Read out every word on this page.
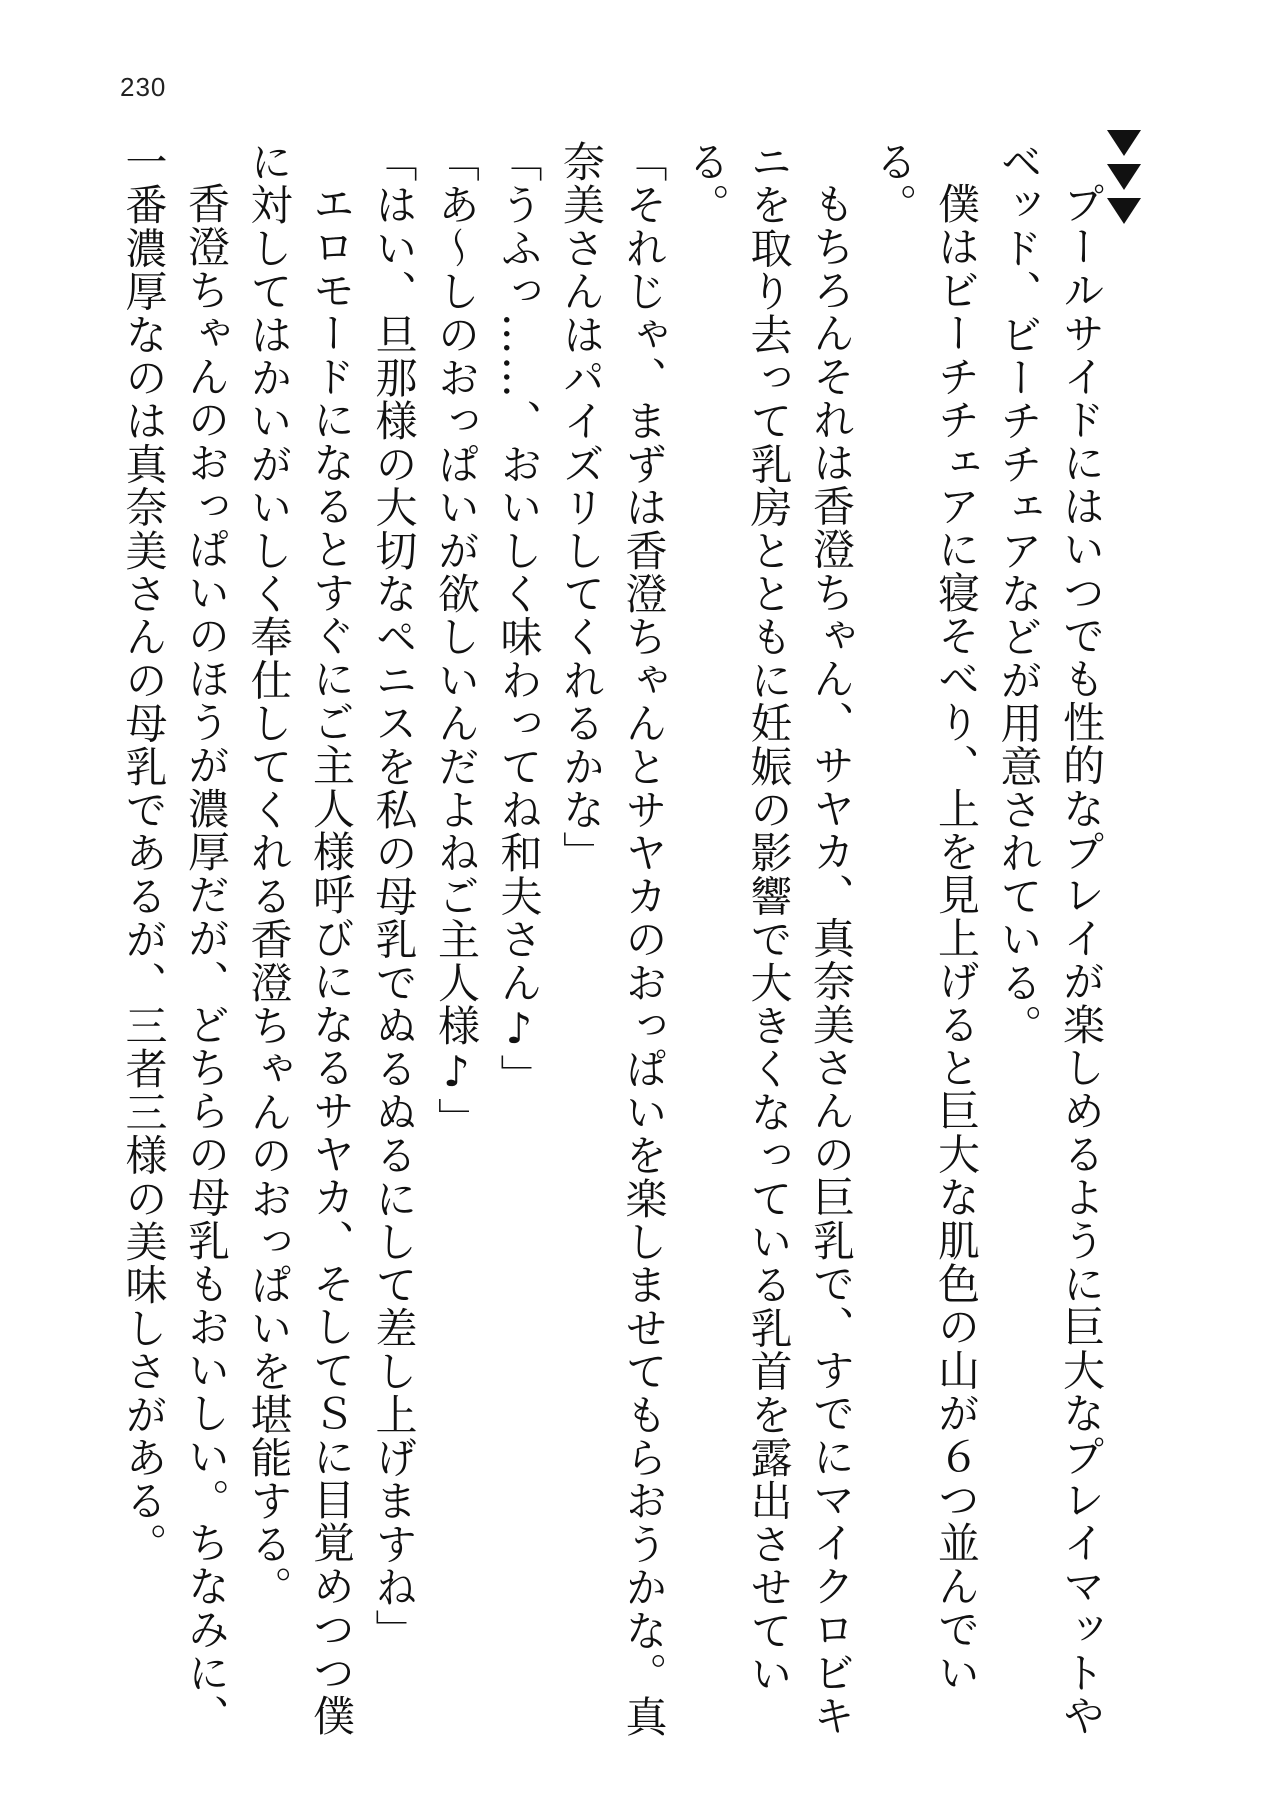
230

プールサイドにはいつでも性的なプレイが楽しめるように巨大なプレイマットやベッド、ビーチチェアなどが用意されている。

僕はビーチチェアに寝そべり、上を見上げると巨大な肌色の山が６つ並んでいる。

もちろんそれは香澄ちゃん、サヤカ、真奈美さんの巨乳で、すでにマイクロビキニを取り去って乳房とともに妊娠の影響で大きくなっている乳首を露出させている。

「それじゃ、まずは香澄ちゃんとサヤカのおっぱいを楽しませてもらおうかな。真奈美さんはパイズリしてくれるかな」

「うふっ……、おいしく味わってね和夫さん♪」

「あ〜しのおっぱいが欲しいんだよねご主人様♪」

「はい、旦那様の大切なペニスを私の母乳でぬるぬるにして差し上げますね」

エロモードになるとすぐにご主人様呼びになるサヤカ、そしてＳに目覚めつつ僕に対してはかいがいしく奉仕してくれる香澄ちゃんのおっぱいを堪能する。

香澄ちゃんのおっぱいのほうが濃厚だが、どちらの母乳もおいしい。ちなみに、一番濃厚なのは真奈美さんの母乳であるが、三者三様の美味しさがある。
